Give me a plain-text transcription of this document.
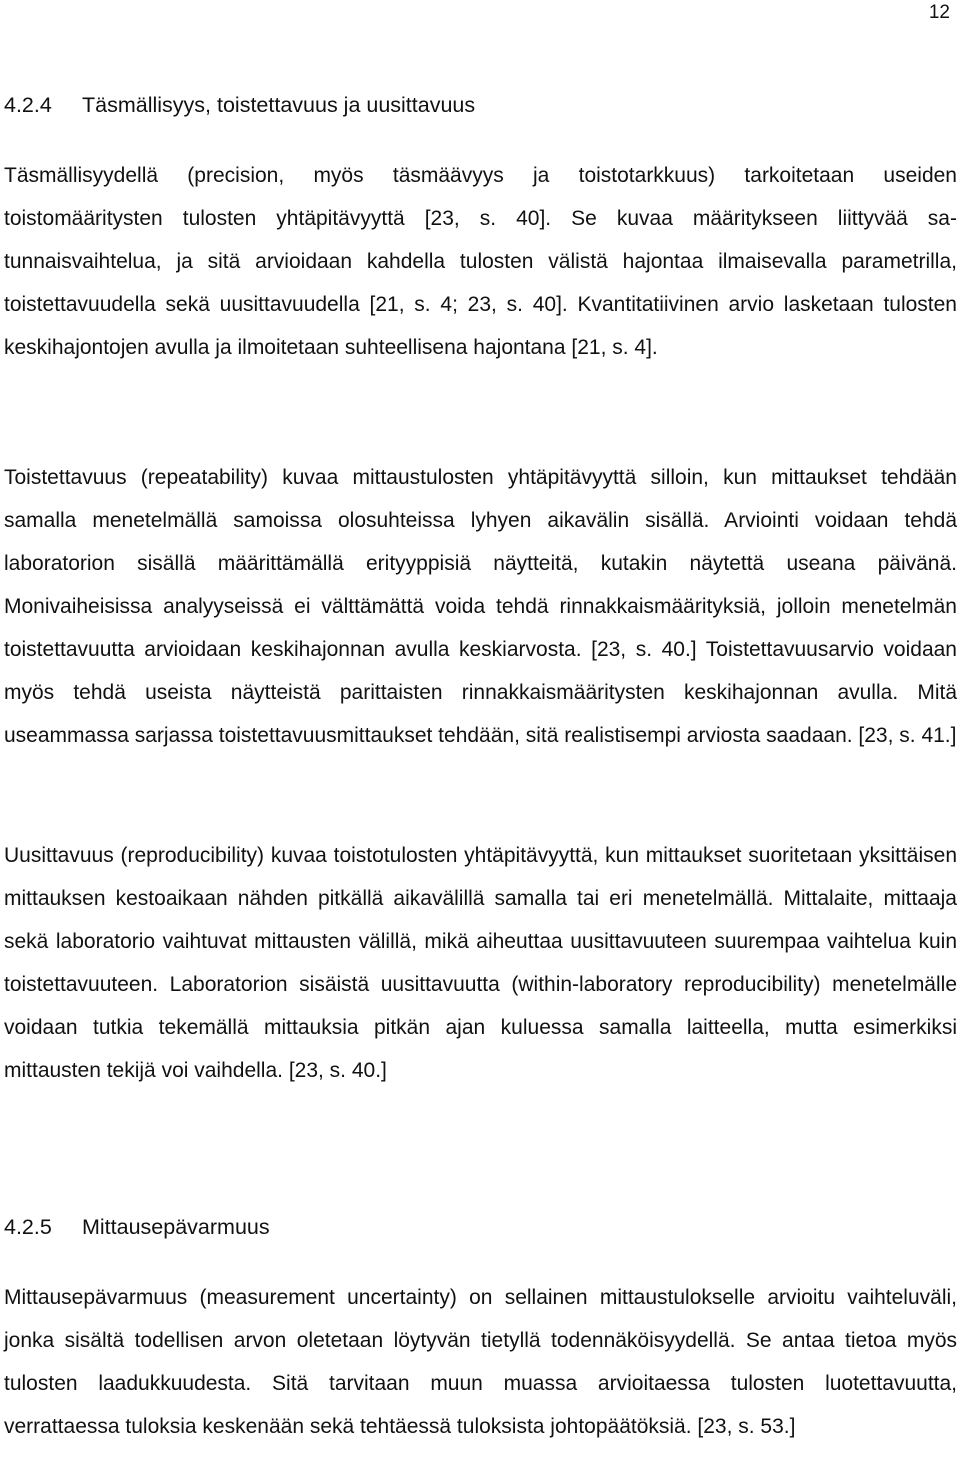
12
4.2.4 Täsmällisyys, toistettavuus ja uusittavuus

Täsmällisyydellä (precision, myös täsmäävyys ja toistotarkkuus) tarkoitetaan useiden toistomääritysten tulosten yhtäpitävyyttä [23, s. 40]. Se kuvaa määritykseen liittyvää satunnaisvaihtelua, ja sitä arvioidaan kahdella tulosten välistä hajontaa ilmaisevalla parametrilla, toistettavuudella sekä uusittavuudella [21, s. 4; 23, s. 40]. Kvantitatiivinen arvio lasketaan tulosten keskihajontojen avulla ja ilmoitetaan suhteellisena hajontana [21, s. 4].

Toistettavuus (repeatability) kuvaa mittaustulosten yhtäpitävyyttä silloin, kun mittaukset tehdään samalla menetelmällä samoissa olosuhteissa lyhyen aikavälin sisällä. Arviointi voidaan tehdä laboratorion sisällä määrittämällä erityyppisiä näytteitä, kutakin näytettä useana päivänä. Monivaiheisissa analyyseissä ei välttämättä voida tehdä rinnakkaismäärityksiä, jolloin menetelmän toistettavuutta arvioidaan keskihajonnan avulla keskiarvosta. [23, s. 40.] Toistettavuusarvio voidaan myös tehdä useista näytteistä parittaisten rinnakkaismääritysten keskihajonnan avulla. Mitä useammassa sarjassa toistettavuusmittaukset tehdään, sitä realistisempi arviosta saadaan. [23, s. 41.]

Uusittavuus (reproducibility) kuvaa toistotulosten yhtäpitävyyttä, kun mittaukset suoritetaan yksittäisen mittauksen kestoaikaan nähden pitkällä aikavälillä samalla tai eri menetelmällä. Mittalaite, mittaaja sekä laboratorio vaihtuvat mittausten välillä, mikä aiheuttaa uusittavuuteen suurempaa vaihtelua kuin toistettavuuteen. Laboratorion sisäistä uusittavuutta (within-laboratory reproducibility) menetelmälle voidaan tutkia tekemällä mittauksia pitkän ajan kuluessa samalla laitteella, mutta esimerkiksi mittausten tekijä voi vaihdella. [23, s. 40.]

4.2.5 Mittausepävarmuus

Mittausepävarmuus (measurement uncertainty) on sellainen mittaustulokselle arvioitu vaihteluväli, jonka sisältä todellisen arvon oletetaan löytyvän tietyllä todennäköisyydellä. Se antaa tietoa myös tulosten laadukkuudesta. Sitä tarvitaan muun muassa arvioitaessa tulosten luotettavuutta, verrattaessa tuloksia keskenään sekä tehtäessä tuloksista johtopäätöksiä. [23, s. 53.]
